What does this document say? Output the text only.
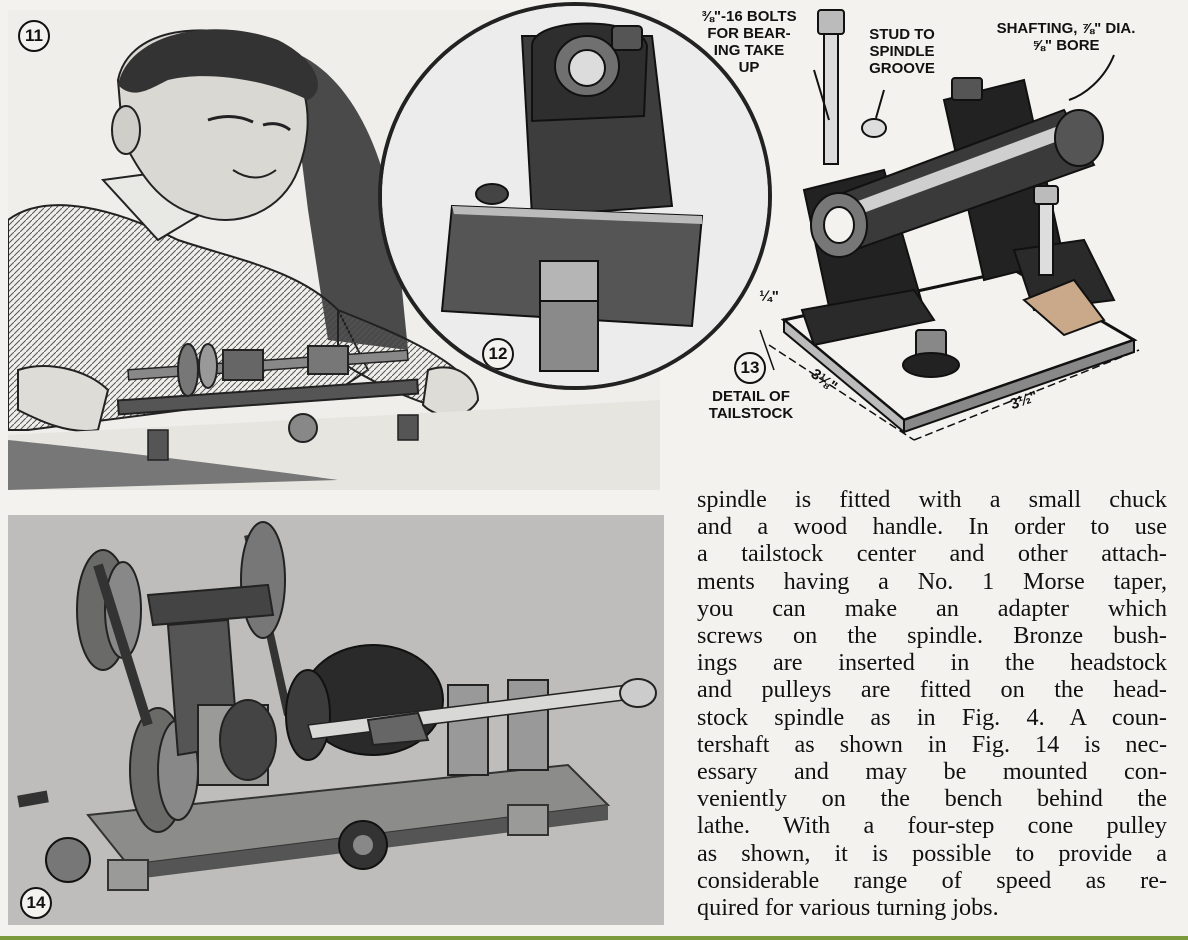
11
12
⅜"-16 BOLTS
FOR BEAR-
ING TAKE
UP
STUD TO
SPINDLE
GROOVE
SHAFTING, ⅞" DIA.
⅝" BORE
¼"
3⅛"
3½"
13
DETAIL OF
TAILSTOCK
14
spindle is fitted with a small chuck
and a wood handle. In order to use
a tailstock center and other attach-
ments having a No. 1 Morse taper,
you can make an adapter which
screws on the spindle. Bronze bush-
ings are inserted in the headstock
and pulleys are fitted on the head-
stock spindle as in Fig. 4. A coun-
tershaft as shown in Fig. 14 is nec-
essary and may be mounted con-
veniently on the bench behind the
lathe. With a four-step cone pulley
as shown, it is possible to provide a
considerable range of speed as re-
quired for various turning jobs.
